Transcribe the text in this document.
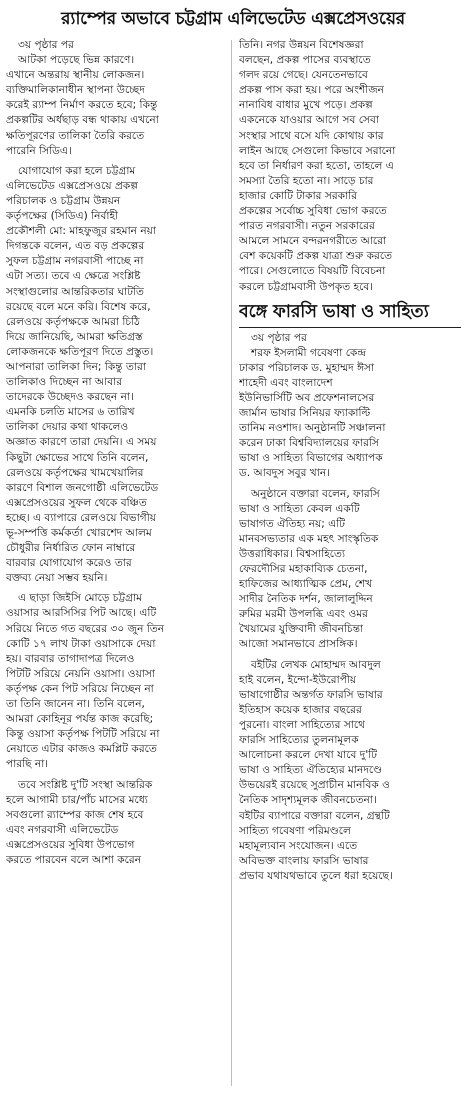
র‌্যাম্পের অভাবে চট্টগ্রাম এলিভেটেড এক্সপ্রেসওয়ের
৩য় পৃষ্ঠার পর
আটকা পড়েছে ভিন্ন কারণে।
এখানে অন্তরায় স্থানীয় লোকজন।
ব্যক্তিমালিকানাধীন স্থাপনা উচ্ছেদ
করেই র‌্যাম্প নির্মাণ করতে হবে; কিন্তু
প্রকল্পটির অর্ধছাড় বন্ধ থাকায় এখনো
ক্ষতিপূরণের তালিকা তৈরি করতে
পারেনি সিডিএ।
যোগাযোগ করা হলে চট্টগ্রাম
এলিভেটেড এক্সপ্রেসওয়ে প্রকল্প
পরিচালক ও চট্টগ্রাম উন্নয়ন
কর্তৃপক্ষের (সিডিএ) নির্বাহী
প্রকৌশলী মো: মাহফুজুর রহমান নয়া
দিগন্তকে বলেন, এত বড় প্রকল্পের
সুফল চট্টগ্রাম নগরবাসী পাচ্ছে না
এটা সত্য। তবে এ ক্ষেত্রে সংশ্লিষ্ট
সংস্থাগুলোর আন্তরিকতার ঘাটতি
রয়েছে বলে মনে করি। বিশেষ করে,
রেলওয়ে কর্তৃপক্ষকে আমরা চিঠি
দিয়ে জানিয়েছি, আমরা ক্ষতিগ্রস্ত
লোকজনকে ক্ষতিপূরণ দিতে প্রস্তুত।
আপনারা তালিকা দিন; কিন্তু তারা
তালিকাও দিচ্ছেন না আবার
তাদেরকে উচ্ছেদও করছেন না।
এমনকি চলতি মাসের ৬ তারিখ
তালিকা দেয়ার কথা থাকলেও
অজ্ঞাত কারণে তারা দেয়নি। এ সময়
কিছুটা ক্ষোভের সাথে তিনি বলেন,
রেলওয়ে কর্তৃপক্ষের খামখেয়ালির
কারণে বিশাল জনগোষ্ঠী এলিভেটেড
এক্সপ্রেসওয়ের সুফল থেকে বঞ্চিত
হচ্ছে। এ ব্যাপারে রেলওয়ে বিভাগীয়
ভূ-সম্পত্তি কর্মকর্তা খোরশেদ আলম
চৌধুরীর নির্ধারিত ফোন নাম্বারে
বারবার যোগাযোগ করেও তার
বক্তব্য নেয়া সম্ভব হয়নি।
এ ছাড়া জিইসি মোড়ে চট্টগ্রাম
ওয়াসার আরসিসির পিট আছে। এটি
সরিয়ে নিতে গত বছরের ৩০ জুন তিন
কোটি ১৭ লাখ টাকা ওয়াসাকে দেয়া
হয়। বারবার তাগাদাপত্র দিলেও
পিটটি সরিয়ে নেয়নি ওয়াসা। ওয়াসা
কর্তৃপক্ষ কেন পিট সরিয়ে নিচ্ছেন না
তা তিনি জানেন না। তিনি বলেন,
আমরা কোহিনূর পর্যন্ত কাজ করেছি;
কিন্তু ওয়াসা কর্তৃপক্ষ পিটটি সরিয়ে না
নেয়াতে এটার কাজও কমপ্লিট করতে
পারছি না।
তবে সংশ্লিষ্ট দু'টি সংস্থা আন্তরিক
হলে আগামী চার/পাঁচ মাসের মধ্যে
সবগুলো র‌্যাম্পের কাজ শেষ হবে
এবং নগরবাসী এলিভেটেড
এক্সপ্রেসওয়ের সুবিধা উপভোগ
করতে পারবেন বলে আশা করেন
তিনি। নগর উন্নয়ন বিশেষজ্ঞরা
বলছেন, প্রকল্প পাসের ব্যবস্থাতে
গলদ রয়ে গেছে। যেনতেনভাবে
প্রকল্প পাস করা হয়। পরে অংশীজন
নানাবিধ বাধার মুখে পড়ে। প্রকল্প
একনেকে যাওয়ার আগে সব সেবা
সংস্থার সাথে বসে যদি কোথায় কার
লাইন আছে সেগুলো কিভাবে সরানো
হবে তা নির্ধারণ করা হতো, তাহলে এ
সমস্যা তৈরি হতো না। সাড়ে চার
হাজার কোটি টাকার সরকারি
প্রকল্পের সর্বোচ্চ সুবিধা ভোগ করতে
পারত নগরবাসী। নতুন সরকারের
আমলে সামনে বন্দরনগরীতে আরো
বেশ কয়েকটি প্রকল্প যাত্রা শুরু করতে
পারে। সেগুলোতে বিষয়টি বিবেচনা
করলে চট্টগ্রামবাসী উপকৃত হবে।
বঙ্গে ফারসি ভাষা ও সাহিত্য
৩য় পৃষ্ঠার পর
শরফ ইসলামী গবেষণা কেন্দ্র
ঢাকার পরিচালক ড. মুহাম্মদ ঈসা
শাহেদী এবং বাংলাদেশ
ইউনিভার্সিটি অব প্রফেশনালসের
জার্মান ভাষার সিনিয়র ফ্যাকাল্টি
তানিম নওশাদ। অনুষ্ঠানটি সঞ্চালনা
করেন ঢাকা বিশ্ববিদ্যালয়ের ফারসি
ভাষা ও সাহিত্য বিভাগের অধ্যাপক
ড. আবদুস সবুর খান।
অনুষ্ঠানে বক্তারা বলেন, ফারসি
ভাষা ও সাহিত্য কেবল একটি
ভাষাগত ঐতিহ্য নয়; এটি
মানবসভ্যতার এক মহৎ সাংস্কৃতিক
উত্তরাধিকার। বিশ্বসাহিত্যে
ফেরদৌসির মহাকাব্যিক চেতনা,
হাফিজের আধ্যাত্মিক প্রেম, শেখ
সাদীর নৈতিক দর্শন, জালালুদ্দিন
রুমির মরমী উপলব্ধি এবং ওমর
খৈয়ামের যুক্তিবাদী জীবনচিন্তা
আজো সমানভাবে প্রাসঙ্গিক।
বইটির লেখক মোহাম্মদ আবদুল
হাই বলেন, ইন্দো-ইউরোপীয়
ভাষাগোষ্ঠীর অন্তর্গত ফারসি ভাষার
ইতিহাস কয়েক হাজার বছরের
পুরনো। বাংলা সাহিত্যের সাথে
ফারসি সাহিত্যের তুলনামূলক
আলোচনা করলে দেখা যাবে দু'টি
ভাষা ও সাহিত্য ঐতিহ্যের মানদণ্ডে
উভয়েরই রয়েছে সুপ্রাচীন মানবিক ও
নৈতিক সাদৃশ্যমূলক জীবনচেতনা।
বইটির ব্যাপারে বক্তারা বলেন, গ্রন্থটি
সাহিত্য গবেষণা পরিমণ্ডলে
মহামূল্যবান সংযোজন। এতে
অবিভক্ত বাংলায় ফারসি ভাষার
প্রভাব যথাযথভাবে তুলে ধরা হয়েছে।
